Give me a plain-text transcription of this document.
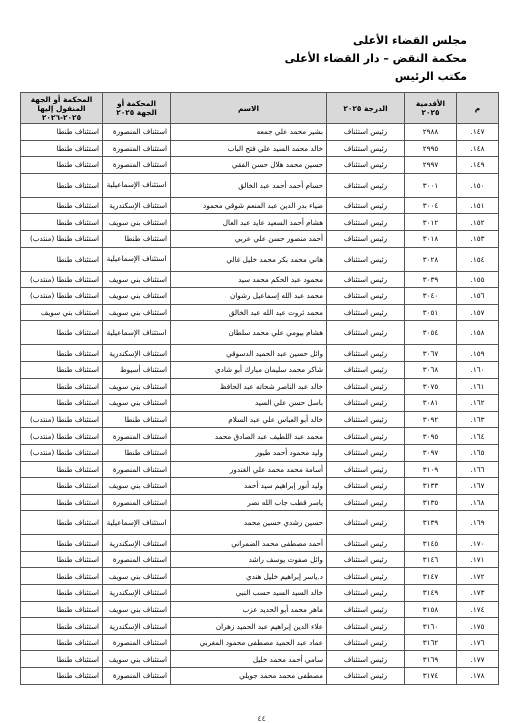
مجلس القضاء الأعلى
محكمة النقض – دار القضاء الأعلى
مكتب الرئيس
م	الأقدمية ٢٠٢٥	الدرجة ٢٠٢٥	الاسم	المحكمة أو الجهة ٢٠٢٥	المحكمة أو الجهة المنقول إليها ٢٠٢٥-٢٠٢٦
١٤٧.	٢٩٨٨	رئيس استئناف	بشير محمد علي جمعه	استئناف المنصورة	استئناف طنطا
١٤٨.	٢٩٩٥	رئيس استئناف	خالد محمد السيد علي فتح الباب	استئناف المنصورة	استئناف طنطا
١٤٩.	٢٩٩٧	رئيس استئناف	حسين محمد هلال حسن الفقي	استئناف المنصورة	استئناف طنطا
١٥٠.	٣٠٠١	رئيس استئناف	حسام أحمد أحمد عبد الخالق	استئناف الإسماعيلية	استئناف طنطا
١٥١.	٣٠٠٤	رئيس استئناف	ضياء بدر الدين عبد المنعم شوقي محمود	استئناف الإسكندرية	استئناف طنطا
١٥٢.	٣٠١٢	رئيس استئناف	هشام أحمد السعيد عايد عبد العال	استئناف بني سويف	استئناف طنطا
١٥٣.	٣٠١٨	رئيس استئناف	أحمد منصور حسن علي عربي	استئناف طنطا	استئناف طنطا (منتدب)
١٥٤.	٣٠٢٨	رئيس استئناف	هاني محمد بكر محمد خليل غالي	استئناف الإسماعيلية	استئناف طنطا
١٥٥.	٣٠٣٩	رئيس استئناف	محمود عبد الحكم محمد سيد	استئناف بني سويف	استئناف طنطا (منتدب)
١٥٦.	٣٠٤٠	رئيس استئناف	محمد عبد الله إسماعيل رشوان	استئناف بني سويف	استئناف طنطا (منتدب)
١٥٧.	٣٠٥١	رئيس استئناف	محمد ثروت عبد الله عبد الخالق	استئناف بني سويف	استئناف بني سويف
١٥٨.	٣٠٥٤	رئيس استئناف	هشام بيومي علي محمد سلطان	استئناف الإسماعيلية	استئناف طنطا
١٥٩.	٣٠٦٧	رئيس استئناف	وائل حسين عبد الحميد الدسوقي	استئناف الإسكندرية	استئناف طنطا
١٦٠.	٣٠٦٨	رئيس استئناف	شاكر محمد سليمان مبارك أبو شادي	استئناف أسيوط	استئناف طنطا
١٦١.	٣٠٧٥	رئيس استئناف	خالد عبد الناصر شحاته عبد الحافظ	استئناف بني سويف	استئناف طنطا
١٦٢.	٣٠٨١	رئيس استئناف	باسل حسن علي السيد	استئناف بني سويف	استئناف طنطا
١٦٣.	٣٠٩٢	رئيس استئناف	خالد أبو العباس علي عبد السلام	استئناف طنطا	استئناف طنطا (منتدب)
١٦٤.	٣٠٩٥	رئيس استئناف	محمد عبد اللطيف عبد الصادق محمد	استئناف المنصورة	استئناف طنطا (منتدب)
١٦٥.	٣٠٩٧	رئيس استئناف	وليد محمود أحمد طيور	استئناف طنطا	استئناف طنطا (منتدب)
١٦٦.	٣١٠٩	رئيس استئناف	أسامة محمد محمد علي الغندور	استئناف المنصورة	استئناف طنطا
١٦٧.	٣١٣٣	رئيس استئناف	وليد أنور إبراهيم سيد أحمد	استئناف بني سويف	استئناف طنطا
١٦٨.	٣١٣٥	رئيس استئناف	ياسر قطب جاب الله نصر	استئناف المنصورة	استئناف طنطا
١٦٩.	٣١٣٩	رئيس استئناف	حسين رشدي حسين محمد	استئناف الإسماعيلية	استئناف طنطا
١٧٠.	٣١٤٥	رئيس استئناف	أحمد مصطفى محمد الضمراني	استئناف الإسكندرية	استئناف طنطا
١٧١.	٣١٤٦	رئيس استئناف	وائل صفوت يوسف راشد	استئناف المنصورة	استئناف طنطا
١٧٢.	٣١٤٧	رئيس استئناف	د.ياسر إبراهيم خليل هندي	استئناف بني سويف	استئناف طنطا
١٧٣.	٣١٤٩	رئيس استئناف	خالد السيد السيد حسب النبي	استئناف الإسكندرية	استئناف طنطا
١٧٤.	٣١٥٨	رئيس استئناف	ماهر محمد أبو الحديد عزب	استئناف بني سويف	استئناف طنطا
١٧٥.	٣١٦٠	رئيس استئناف	علاء الدين إبراهيم عبد الحميد زهران	استئناف الإسكندرية	استئناف طنطا
١٧٦.	٣١٦٢	رئيس استئناف	عماد عبد الحميد مصطفى محمود المغربي	استئناف المنصورة	استئناف طنطا
١٧٧.	٣١٦٩	رئيس استئناف	سامي أحمد محمد خليل	استئناف بني سويف	استئناف طنطا
١٧٨.	٣١٧٤	رئيس استئناف	مصطفى محمد محمد جويلي	استئناف المنصورة	استئناف طنطا
٤٤
